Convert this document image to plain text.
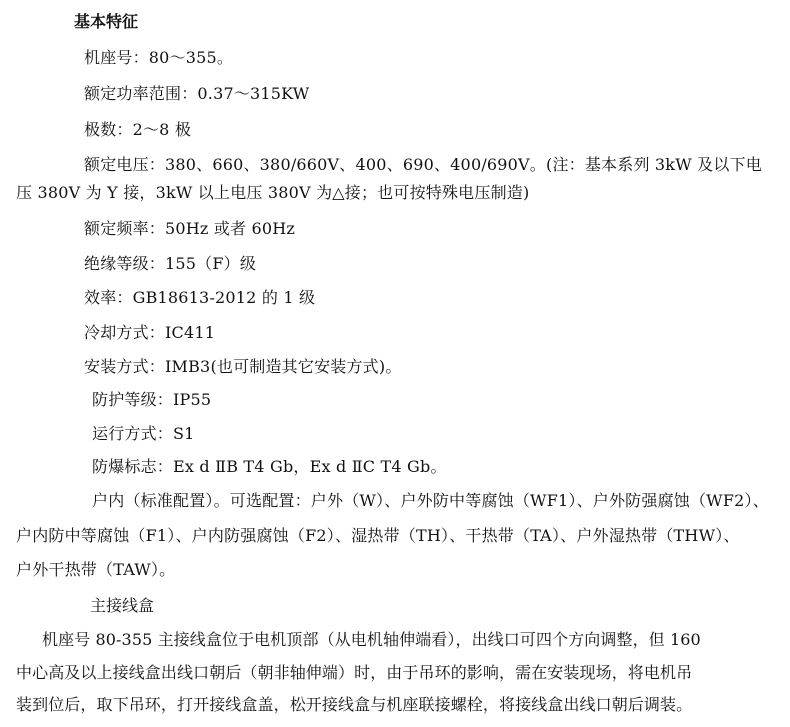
基本特征
机座号：80～355。
额定功率范围：0.37～315KW
极数：2～8 极
额定电压：380、660、380/660V、400、690、400/690V。(注：基本系列 3kW 及以下电
压 380V 为 Y 接，3kW 以上电压 380V 为△接；也可按特殊电压制造)
额定频率：50Hz 或者 60Hz
绝缘等级：155（F）级
效率：GB18613-2012 的 1 级
冷却方式：IC411
安装方式：IMB3(也可制造其它安装方式)。
防护等级：IP55
运行方式：S1
防爆标志：Ex d ⅡB T4 Gb，Ex d ⅡC T4 Gb。
户内（标准配置）。可选配置：户外（W）、户外防中等腐蚀（WF1）、户外防强腐蚀（WF2）、
户内防中等腐蚀（F1）、户内防强腐蚀（F2）、湿热带（TH）、干热带（TA）、户外湿热带（THW）、
户外干热带（TAW）。
主接线盒
机座号 80-355 主接线盒位于电机顶部（从电机轴伸端看），出线口可四个方向调整，但 160
中心高及以上接线盒出线口朝后（朝非轴伸端）时，由于吊环的影响，需在安装现场，将电机吊
装到位后，取下吊环，打开接线盒盖，松开接线盒与机座联接螺栓，将接线盒出线口朝后调装。
